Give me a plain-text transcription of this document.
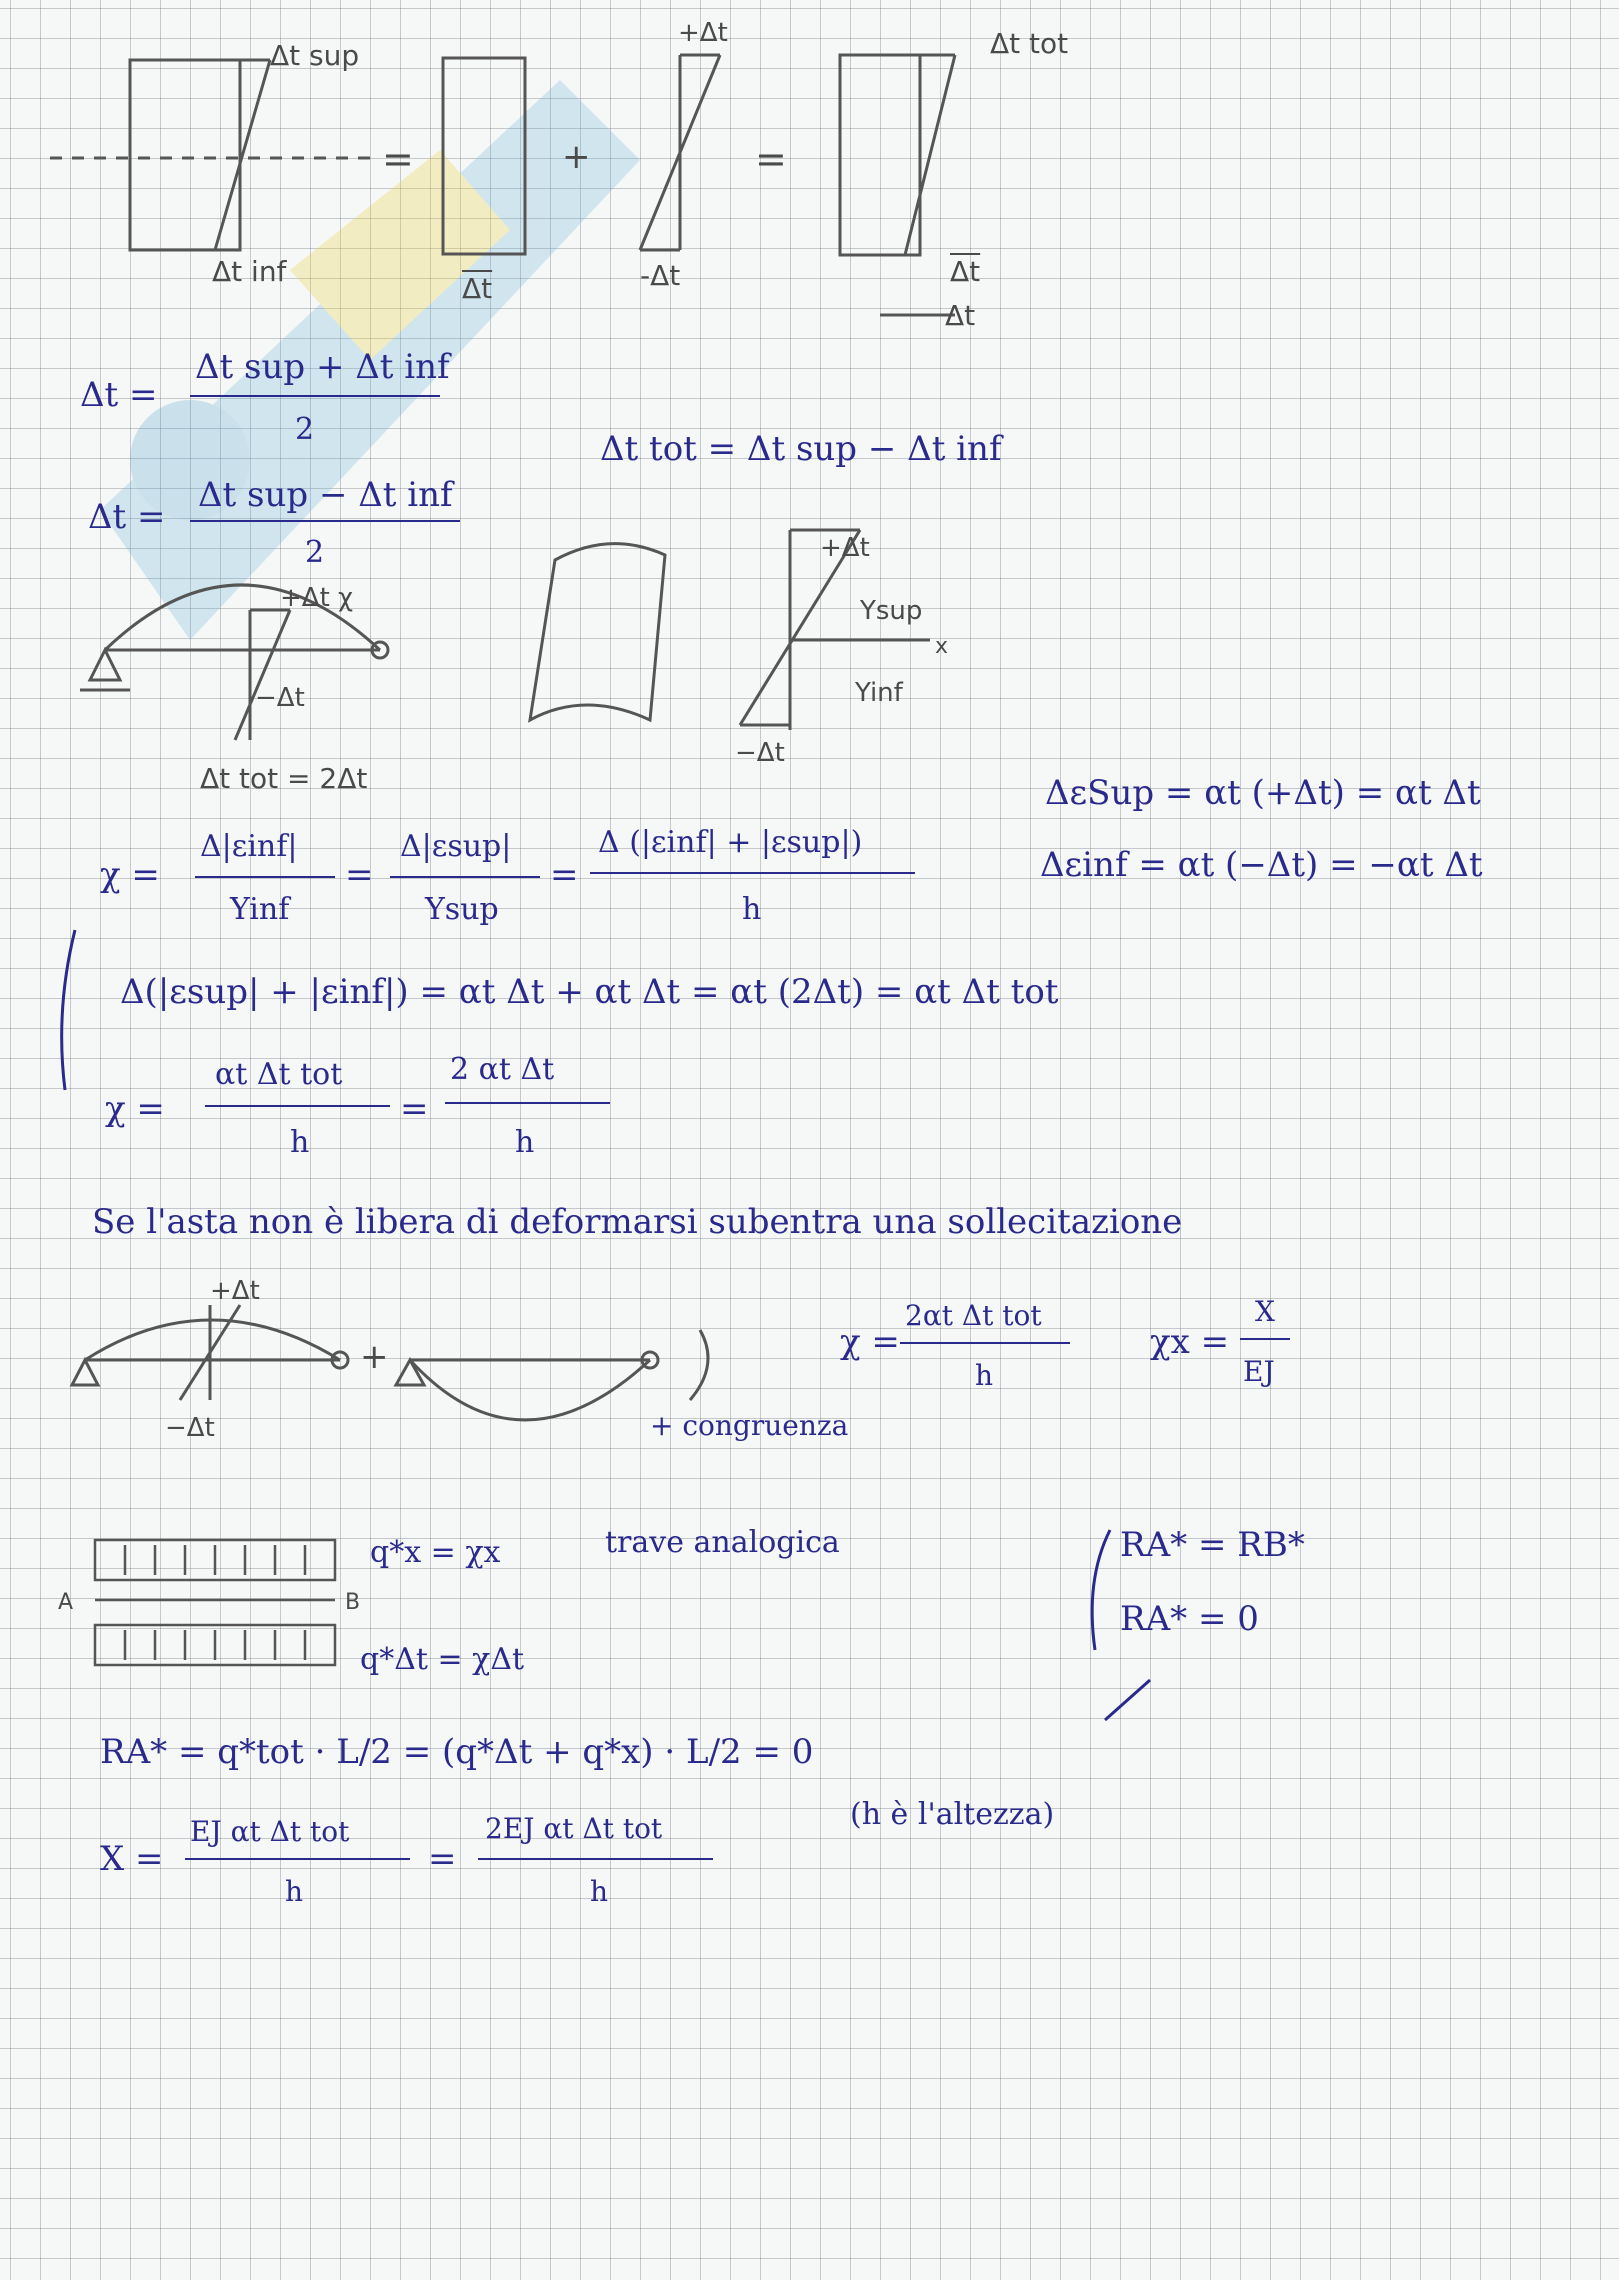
Δt sup
Δt inf
=
$\overline{\Delta t}$
+
+Δt
-Δt
=
Δt tot
$\overline{\Delta t}$
Δt
Δt =
Δt sup + Δt inf
2	Δt tot = Δt sup − Δt inf
Δt =
Δt sup − Δt inf
2
+Δt χ
−Δt
Δt tot = 2Δt
+Δt
Ysup
x
Yinf
−Δt
ΔεSup = αt (+Δt) = αt Δt
Δεinf = αt (−Δt) = −αt Δt
χ =
Δ|εinf|
Yinf
=
Δ|εsup|
Ysup
=
Δ (|εinf| + |εsup|)
h
Δ(|εsup| + |εinf|) = αt Δt + αt Δt = αt (2Δt) = αt Δt tot
χ =
αt Δt tot
h
=
2 αt Δt
h
Se l'asta non è libera di deformarsi subentra una sollecitazione
+Δt
−Δt
+
+ congruenza
χ =
2αt Δt tot
h
χx =
X
EJ
A	B
q*x = χx
q*Δt = χΔt
trave analogica	RA* = RB*
RA* = 0
RA* = q*tot · L/2 = (q*Δt + q*x) · L/2 = 0
X =
EJ αt Δt tot
h
=
2EJ αt Δt tot
h
(h è l'altezza)
